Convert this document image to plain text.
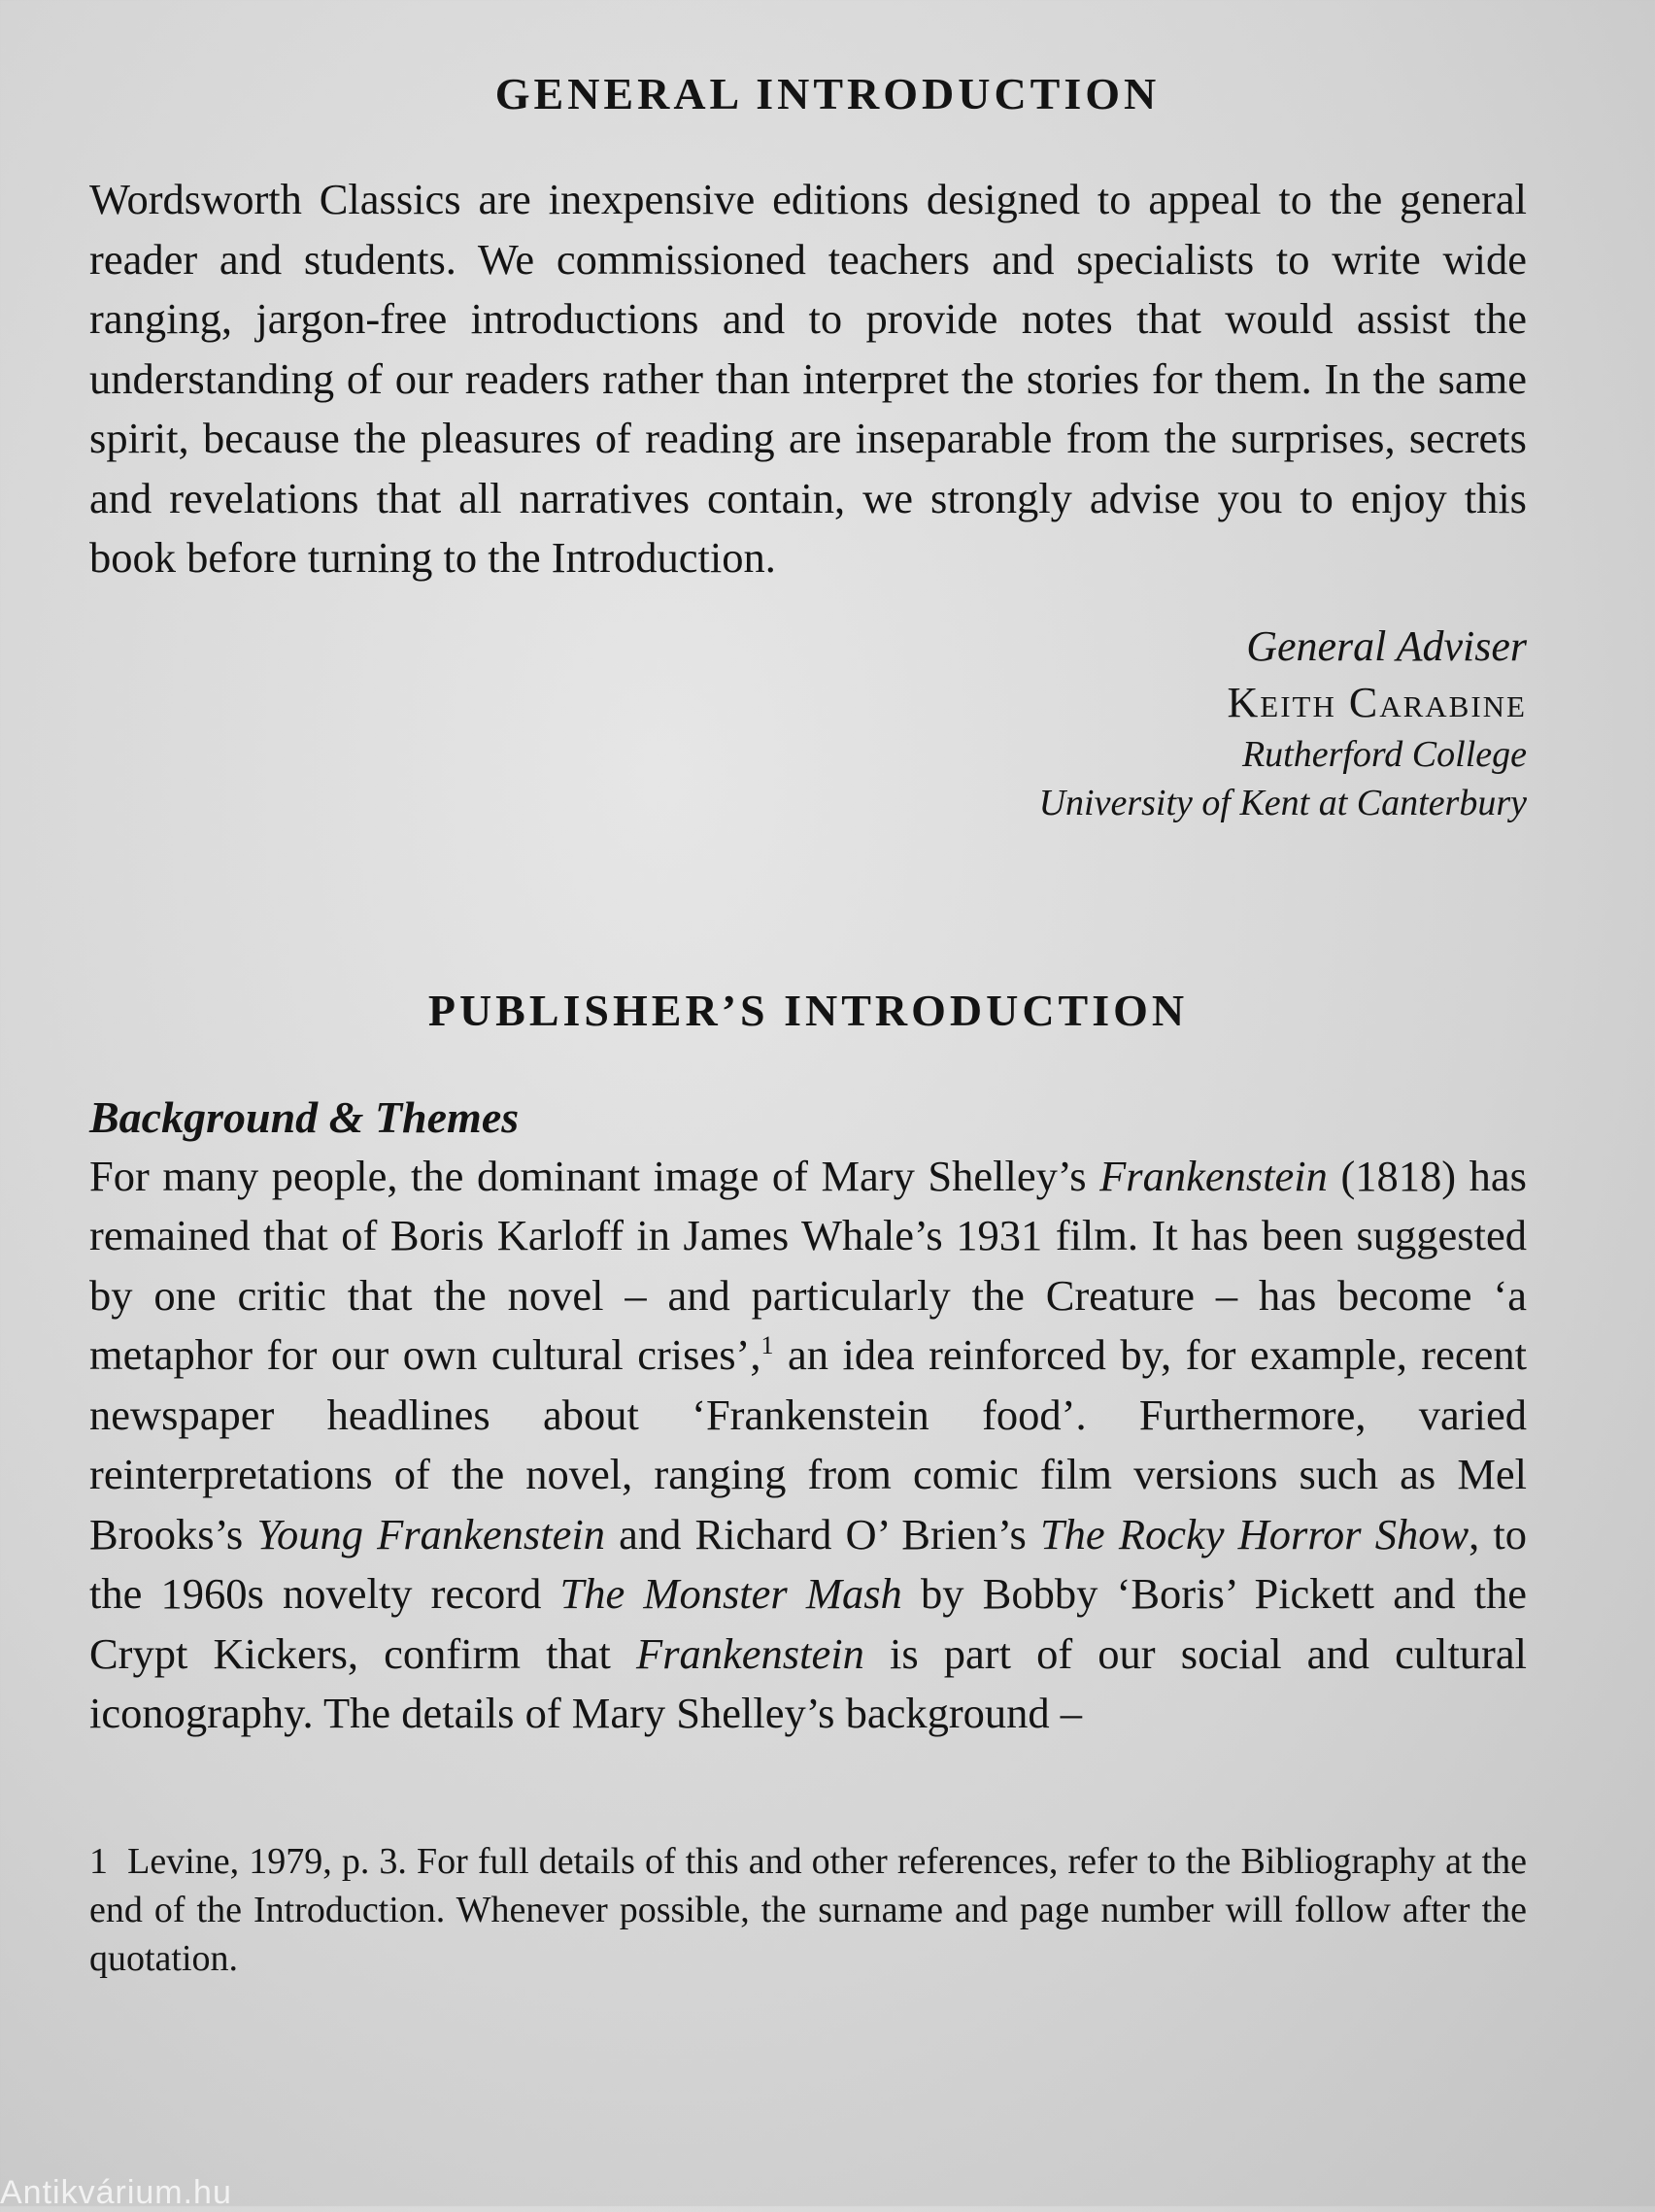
GENERAL INTRODUCTION

Wordsworth Classics are inexpensive editions designed to appeal to the general reader and students. We commissioned teachers and specialists to write wide ranging, jargon-free introductions and to provide notes that would assist the understanding of our readers rather than interpret the stories for them. In the same spirit, because the pleasures of reading are inseparable from the surprises, secrets and revelations that all narratives contain, we strongly advise you to enjoy this book before turning to the Introduction.

General Adviser
Keith Carabine
Rutherford College
University of Kent at Canterbury
PUBLISHER’S INTRODUCTION
Background & Themes

For many people, the dominant image of Mary Shelley’s Frankenstein (1818) has remained that of Boris Karloff in James Whale’s 1931 film. It has been suggested by one critic that the novel – and particularly the Creature – has become ‘a metaphor for our own cultural crises’,$^1$ an idea reinforced by, for example, recent newspaper headlines about ‘Frankenstein food’. Furthermore, varied reinterpretations of the novel, ranging from comic film versions such as Mel Brooks’s Young Frankenstein and Richard O’ Brien’s The Rocky Horror Show, to the 1960s novelty record The Monster Mash by Bobby ‘Boris’ Pickett and the Crypt Kickers, confirm that Frankenstein is part of our social and cultural iconography. The details of Mary Shelley’s background –

1 Levine, 1979, p. 3. For full details of this and other references, refer to the Bibliography at the end of the Introduction. Whenever possible, the surname and page number will follow after the quotation.

Antikvárium.hu
